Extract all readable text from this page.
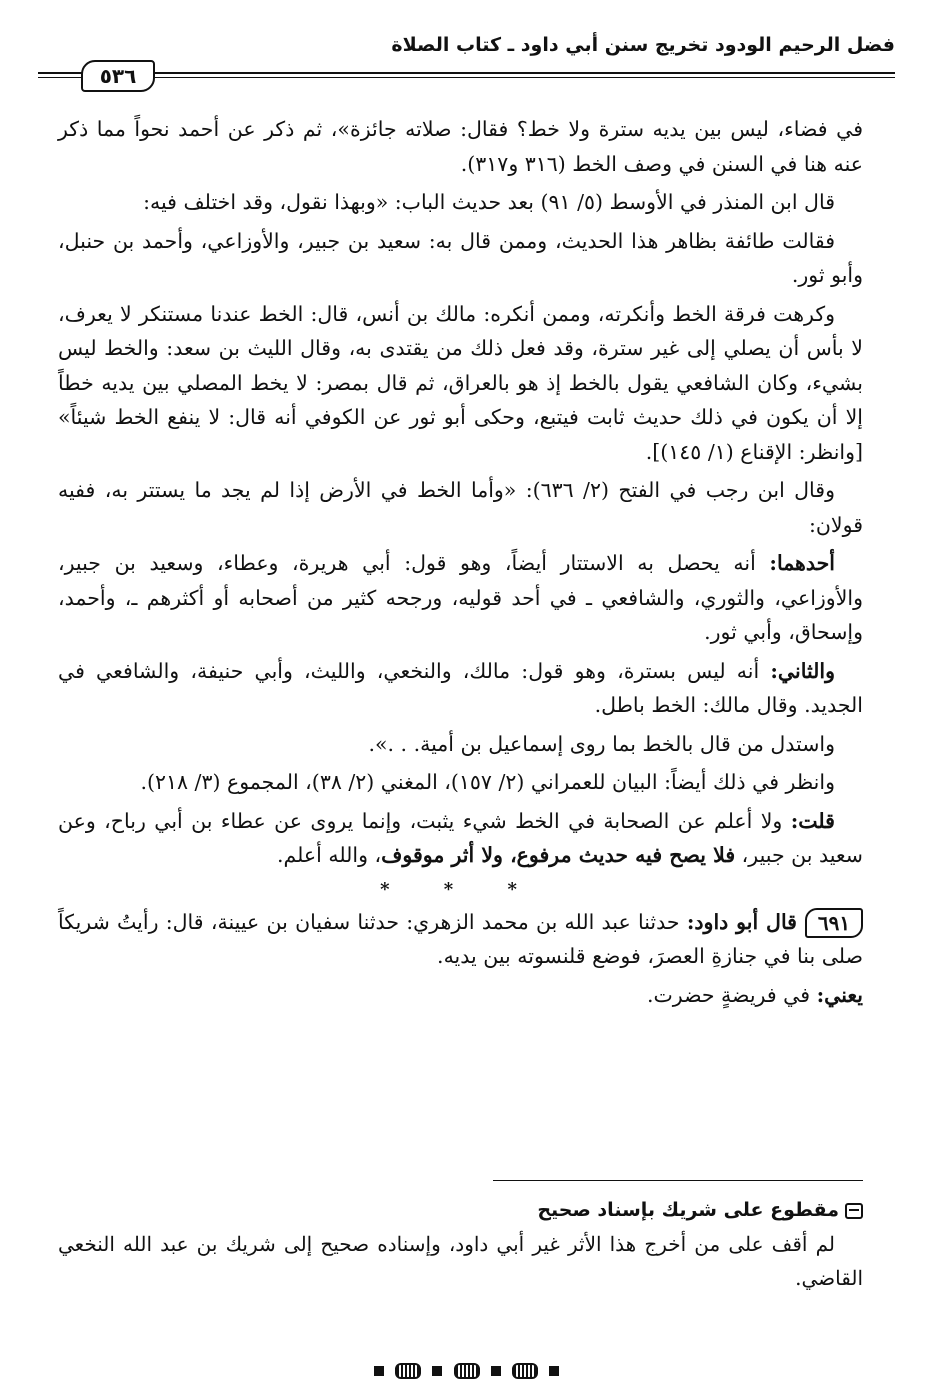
فضل الرحيم الودود تخريج سنن أبي داود ـ كتاب الصلاة
٥٣٦

في فضاء، ليس بين يديه سترة ولا خط؟ فقال: صلاته جائزة»، ثم ذكر عن أحمد نحواً مما ذكر عنه هنا في السنن في وصف الخط (٣١٦ و٣١٧).

قال ابن المنذر في الأوسط (٥/ ٩١) بعد حديث الباب: «وبهذا نقول، وقد اختلف فيه:

فقالت طائفة بظاهر هذا الحديث، وممن قال به: سعيد بن جبير، والأوزاعي، وأحمد بن حنبل، وأبو ثور.

وكرهت فرقة الخط وأنكرته، وممن أنكره: مالك بن أنس، قال: الخط عندنا مستنكر لا يعرف، لا بأس أن يصلي إلى غير سترة، وقد فعل ذلك من يقتدى به، وقال الليث بن سعد: والخط ليس بشيء، وكان الشافعي يقول بالخط إذ هو بالعراق، ثم قال بمصر: لا يخط المصلي بين يديه خطاً إلا أن يكون في ذلك حديث ثابت فيتبع، وحكى أبو ثور عن الكوفي أنه قال: لا ينفع الخط شيئاً» [وانظر: الإقناع (١/ ١٤٥)].

وقال ابن رجب في الفتح (٢/ ٦٣٦): «وأما الخط في الأرض إذا لم يجد ما يستتر به، ففيه قولان:

أحدهما: أنه يحصل به الاستتار أيضاً، وهو قول: أبي هريرة، وعطاء، وسعيد بن جبير، والأوزاعي، والثوري، والشافعي ـ في أحد قوليه، ورجحه كثير من أصحابه أو أكثرهم ـ، وأحمد، وإسحاق، وأبي ثور.

والثاني: أنه ليس بسترة، وهو قول: مالك، والنخعي، والليث، وأبي حنيفة، والشافعي في الجديد. وقال مالك: الخط باطل.

واستدل من قال بالخط بما روى إسماعيل بن أمية. . .».

وانظر في ذلك أيضاً: البيان للعمراني (٢/ ١٥٧)، المغني (٢/ ٣٨)، المجموع (٣/ ٢١٨).

قلت: ولا أعلم عن الصحابة في الخط شيء يثبت، وإنما يروى عن عطاء بن أبي رباح، وعن سعيد بن جبير، فلا يصح فيه حديث مرفوع، ولا أثر موقوف، والله أعلم.

* * *

٦٩١قال أبو داود: حدثنا عبد الله بن محمد الزهري: حدثنا سفيان بن عيينة، قال: رأيتُ شريكاً صلى بنا في جنازةِ العصرَ، فوضع قلنسوته بين يديه.

يعني: في فريضةٍ حضرت.

مقطوع على شريك بإسناد صحيح

لم أقف على من أخرج هذا الأثر غير أبي داود، وإسناده صحيح إلى شريك بن عبد الله النخعي القاضي.
